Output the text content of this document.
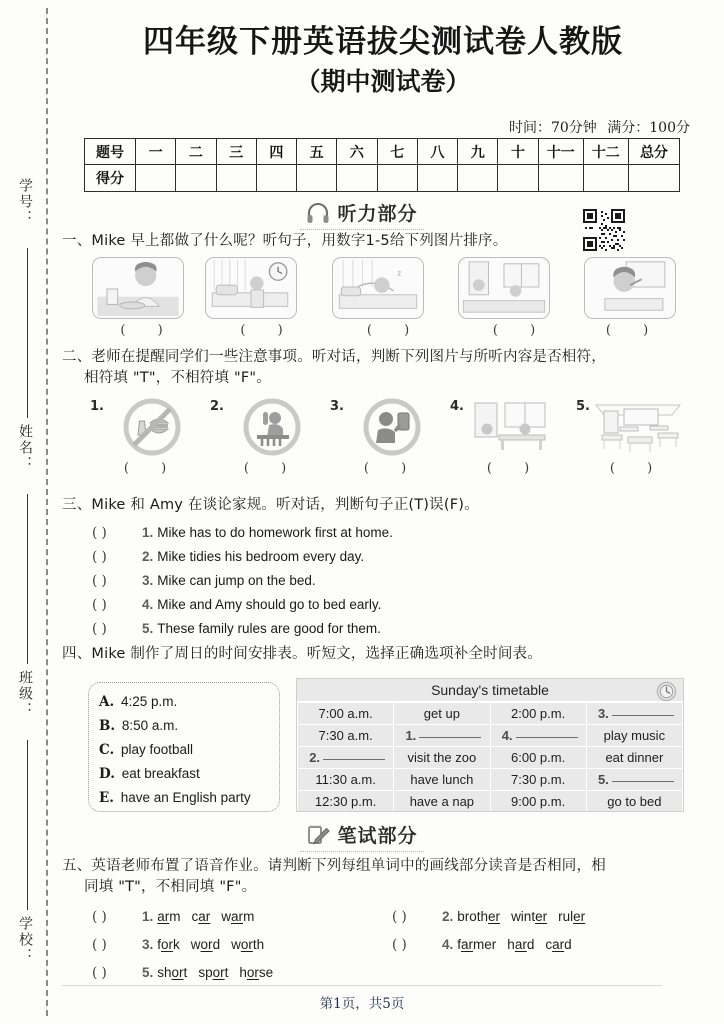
学号：
姓名：
班级：
学校：
四年级下册英语拔尖测试卷人教版
（期中测试卷）
时间：70分钟 满分：100分
题号	一	二	三	四	五	六	七	八	九	十	十一	十二	总分
得分													
听力部分
一、Mike 早上都做了什么呢？听句子，用数字1-5给下列图片排序。
( )	( )
z
( )	( )	( )
二、老师在提醒同学们一些注意事项。听对话，判断下列图片与所听内容是否相符，
相符填 "T"，不相符填 "F"。
1.
( )
2.
( )
3.
( )
4.
( )
5.
( )
三、Mike 和 Amy 在谈论家规。听对话，判断句子正(T)误(F)。
( )	1. Mike has to do homework first at home.
( )	2. Mike tidies his bedroom every day.
( )	3. Mike can jump on the bed.
( )	4. Mike and Amy should go to bed early.
( )	5. These family rules are good for them.
四、Mike 制作了周日的时间安排表。听短文，选择正确选项补全时间表。
A. 4:25 p.m.
B. 8:50 a.m.
C. play football
D. eat breakfast
E. have an English party
Sunday's timetable
7:00 a.m.	get up	2:00 p.m.	3.
7:30 a.m.	1.	4.	play music
2.	visit the zoo	6:00 p.m.	eat dinner
11:30 a.m.	have lunch	7:30 p.m.	5.
12:30 p.m.	have a nap	9:00 p.m.	go to bed
笔试部分
五、英语老师布置了语音作业。请判断下列每组单词中的画线部分读音是否相同，相
同填 "T"，不相同填 "F"。
( )	1. arm car warm
( )	3. fork word worth
( )	5. short sport horse
( )	2. brother winter ruler
( )	4. farmer hard card
第1页，共5页
